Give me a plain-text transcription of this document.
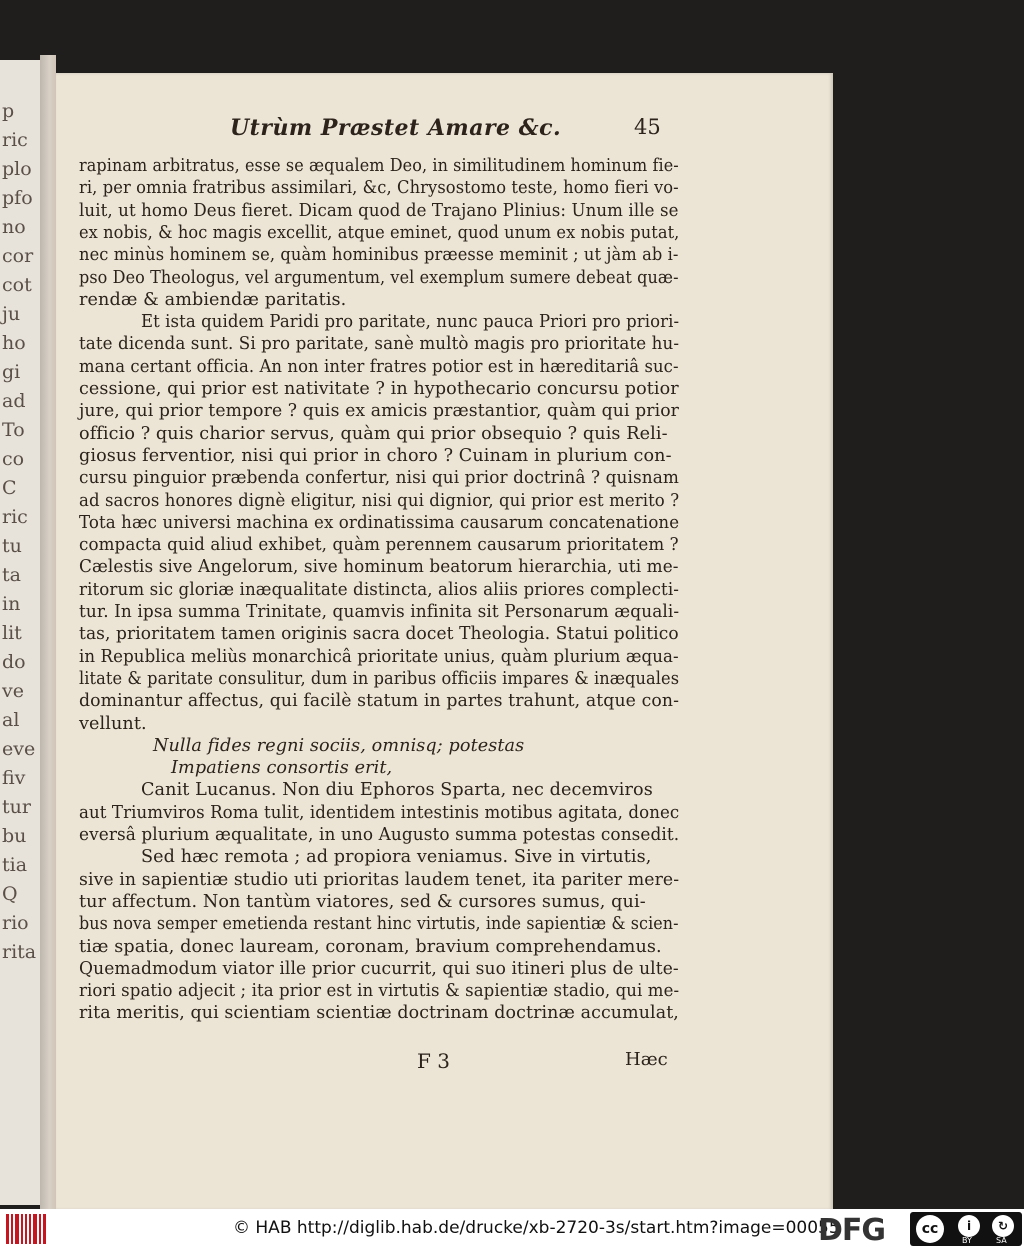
p
ric
plo
pfo
no
cor
cot
ju
ho
gi
ad
To
co
C
ric
tu
ta
in
lit
do
ve
al
eve
fiv
tur
bu
tia
Q
rio
rita
Utrùm Præstet Amare &c.	45
rapinam arbitratus, esse se æqualem Deo, in similitudinem hominum fie-
ri, per omnia fratribus assimilari, &c, Chrysostomo teste, homo fieri vo-
luit, ut homo Deus fieret. Dicam quod de Trajano Plinius: Unum ille se
ex nobis, & hoc magis excellit, atque eminet, quod unum ex nobis putat,
nec minùs hominem se, quàm hominibus præesse meminit ; ut jàm ab i-
pso Deo Theologus, vel argumentum, vel exemplum sumere debeat quæ-
rendæ & ambiendæ paritatis.
Et ista quidem Paridi pro paritate, nunc pauca Priori pro priori-
tate dicenda sunt. Si pro paritate, sanè multò magis pro prioritate hu-
mana certant officia. An non inter fratres potior est in hæreditariâ suc-
cessione, qui prior est nativitate ? in hypothecario concursu potior
jure, qui prior tempore ? quis ex amicis præstantior, quàm qui prior
officio ? quis charior servus, quàm qui prior obsequio ? quis Reli-
giosus ferventior, nisi qui prior in choro ? Cuinam in plurium con-
cursu pinguior præbenda confertur, nisi qui prior doctrinâ ? quisnam
ad sacros honores dignè eligitur, nisi qui dignior, qui prior est merito ?
Tota hæc universi machina ex ordinatissima causarum concatenatione
compacta quid aliud exhibet, quàm perennem causarum prioritatem ?
Cælestis sive Angelorum, sive hominum beatorum hierarchia, uti me-
ritorum sic gloriæ inæqualitate distincta, alios aliis priores complecti-
tur. In ipsa summa Trinitate, quamvis infinita sit Personarum æquali-
tas, prioritatem tamen originis sacra docet Theologia. Statui politico
in Republica meliùs monarchicâ prioritate unius, quàm plurium æqua-
litate & paritate consulitur, dum in paribus officiis impares & inæquales
dominantur affectus, qui facilè statum in partes trahunt, atque con-
vellunt.
Nulla fides regni sociis, omnisq; potestas
Impatiens consortis erit,
Canit Lucanus. Non diu Ephoros Sparta, nec decemviros
aut Triumviros Roma tulit, identidem intestinis motibus agitata, donec
eversâ plurium æqualitate, in uno Augusto summa potestas consedit.
Sed hæc remota ; ad propiora veniamus. Sive in virtutis,
sive in sapientiæ studio uti prioritas laudem tenet, ita pariter mere-
tur affectum. Non tantùm viatores, sed & cursores sumus, qui-
bus nova semper emetienda restant hinc virtutis, inde sapientiæ & scien-
tiæ spatia, donec lauream, coronam, bravium comprehendamus.
Quemadmodum viator ille prior cucurrit, qui suo itineri plus de ulte-
riori spatio adjecit ; ita prior est in virtutis & sapientiæ stadio, qui me-
rita meritis, qui scientiam scientiæ doctrinam doctrinæ accumulat,
F 3	Hæc
© HAB http://diglib.hab.de/drucke/xb-2720-3s/start.htm?image=00055
DFG	cc	i	↻
BY	SA
